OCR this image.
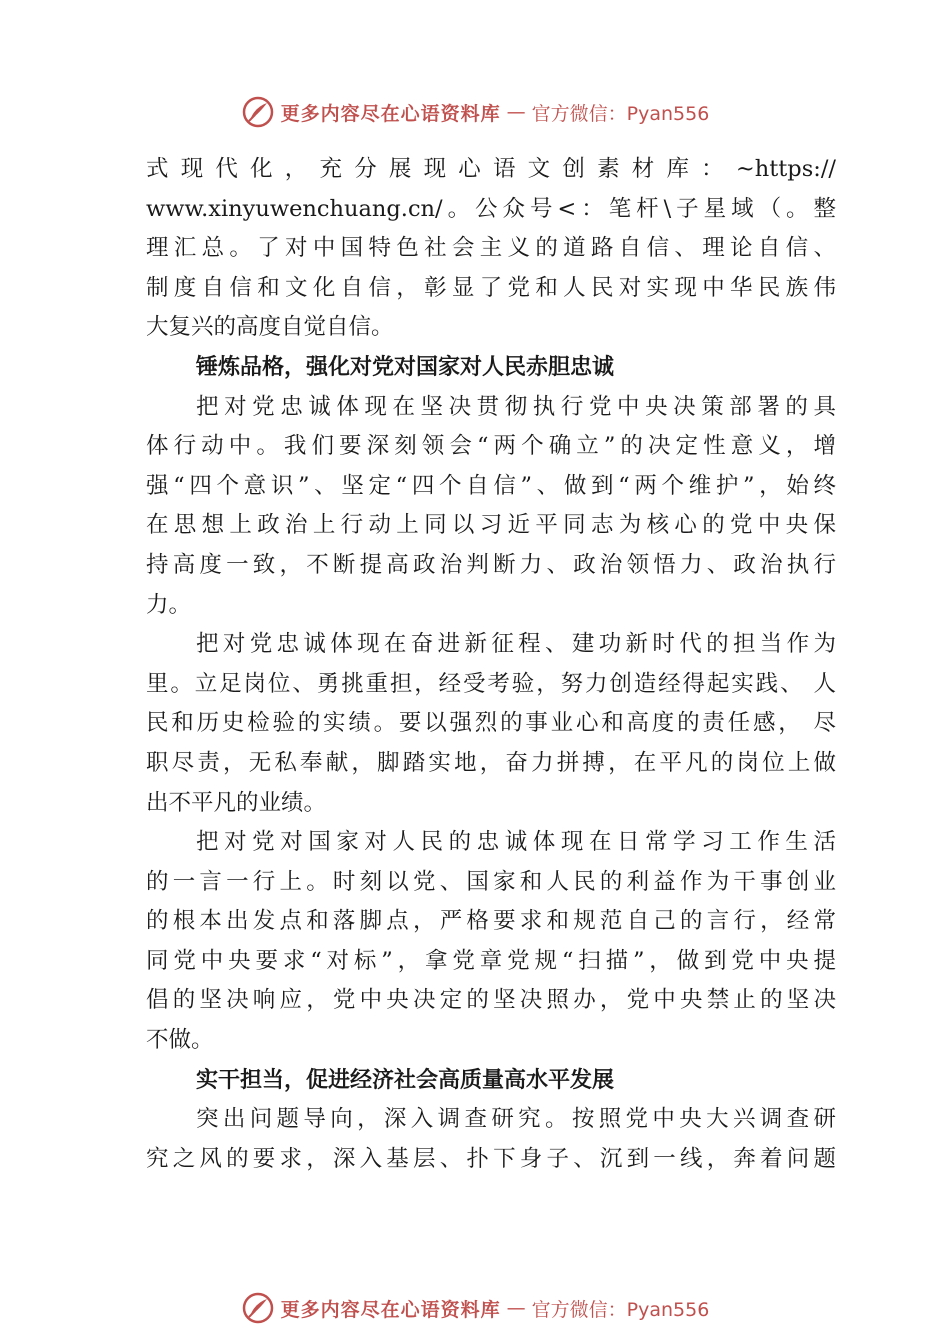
更多内容尽在心语资料库 — 官方微信：Pyan556
式 现 代 化 ， 充 分 展 现 心 语 文 创 素 材 库 ： ~https://
www.xinyuwenchuang.cn/。公众号<：笔杆\子星域（。整
理汇总。了对中国特色社会主义的道路自信、理论自信、
制度自信和文化自信，彰显了党和人民对实现中华民族伟
大复兴的高度自觉自信。
锤炼品格，强化对党对国家对人民赤胆忠诚
把对党忠诚体现在坚决贯彻执行党中央决策部署的具
体行动中。我们要深刻领会“两个确立”的决定性意义，增
强“四个意识”、坚定“四个自信”、做到“两个维护”，始终
在思想上政治上行动上同以习近平同志为核心的党中央保
持高度一致，不断提高政治判断力、政治领悟力、政治执行
力。
把对党忠诚体现在奋进新征程、建功新时代的担当作为
里。立足岗位、勇挑重担，经受考验，努力创造经得起实践、 人
民和历史检验的实绩。要以强烈的事业心和高度的责任感， 尽
职尽责，无私奉献，脚踏实地，奋力拼搏，在平凡的岗位上做
出不平凡的业绩。
把对党对国家对人民的忠诚体现在日常学习工作生活
的一言一行上。时刻以党、国家和人民的利益作为干事创业
的根本出发点和落脚点，严格要求和规范自己的言行，经常
同党中央要求“对标”，拿党章党规“扫描”，做到党中央提
倡的坚决响应，党中央决定的坚决照办，党中央禁止的坚决
不做。
实干担当，促进经济社会高质量高水平发展
突出问题导向，深入调查研究。按照党中央大兴调查研
究之风的要求，深入基层、扑下身子、沉到一线，奔着问题
更多内容尽在心语资料库 — 官方微信：Pyan556
